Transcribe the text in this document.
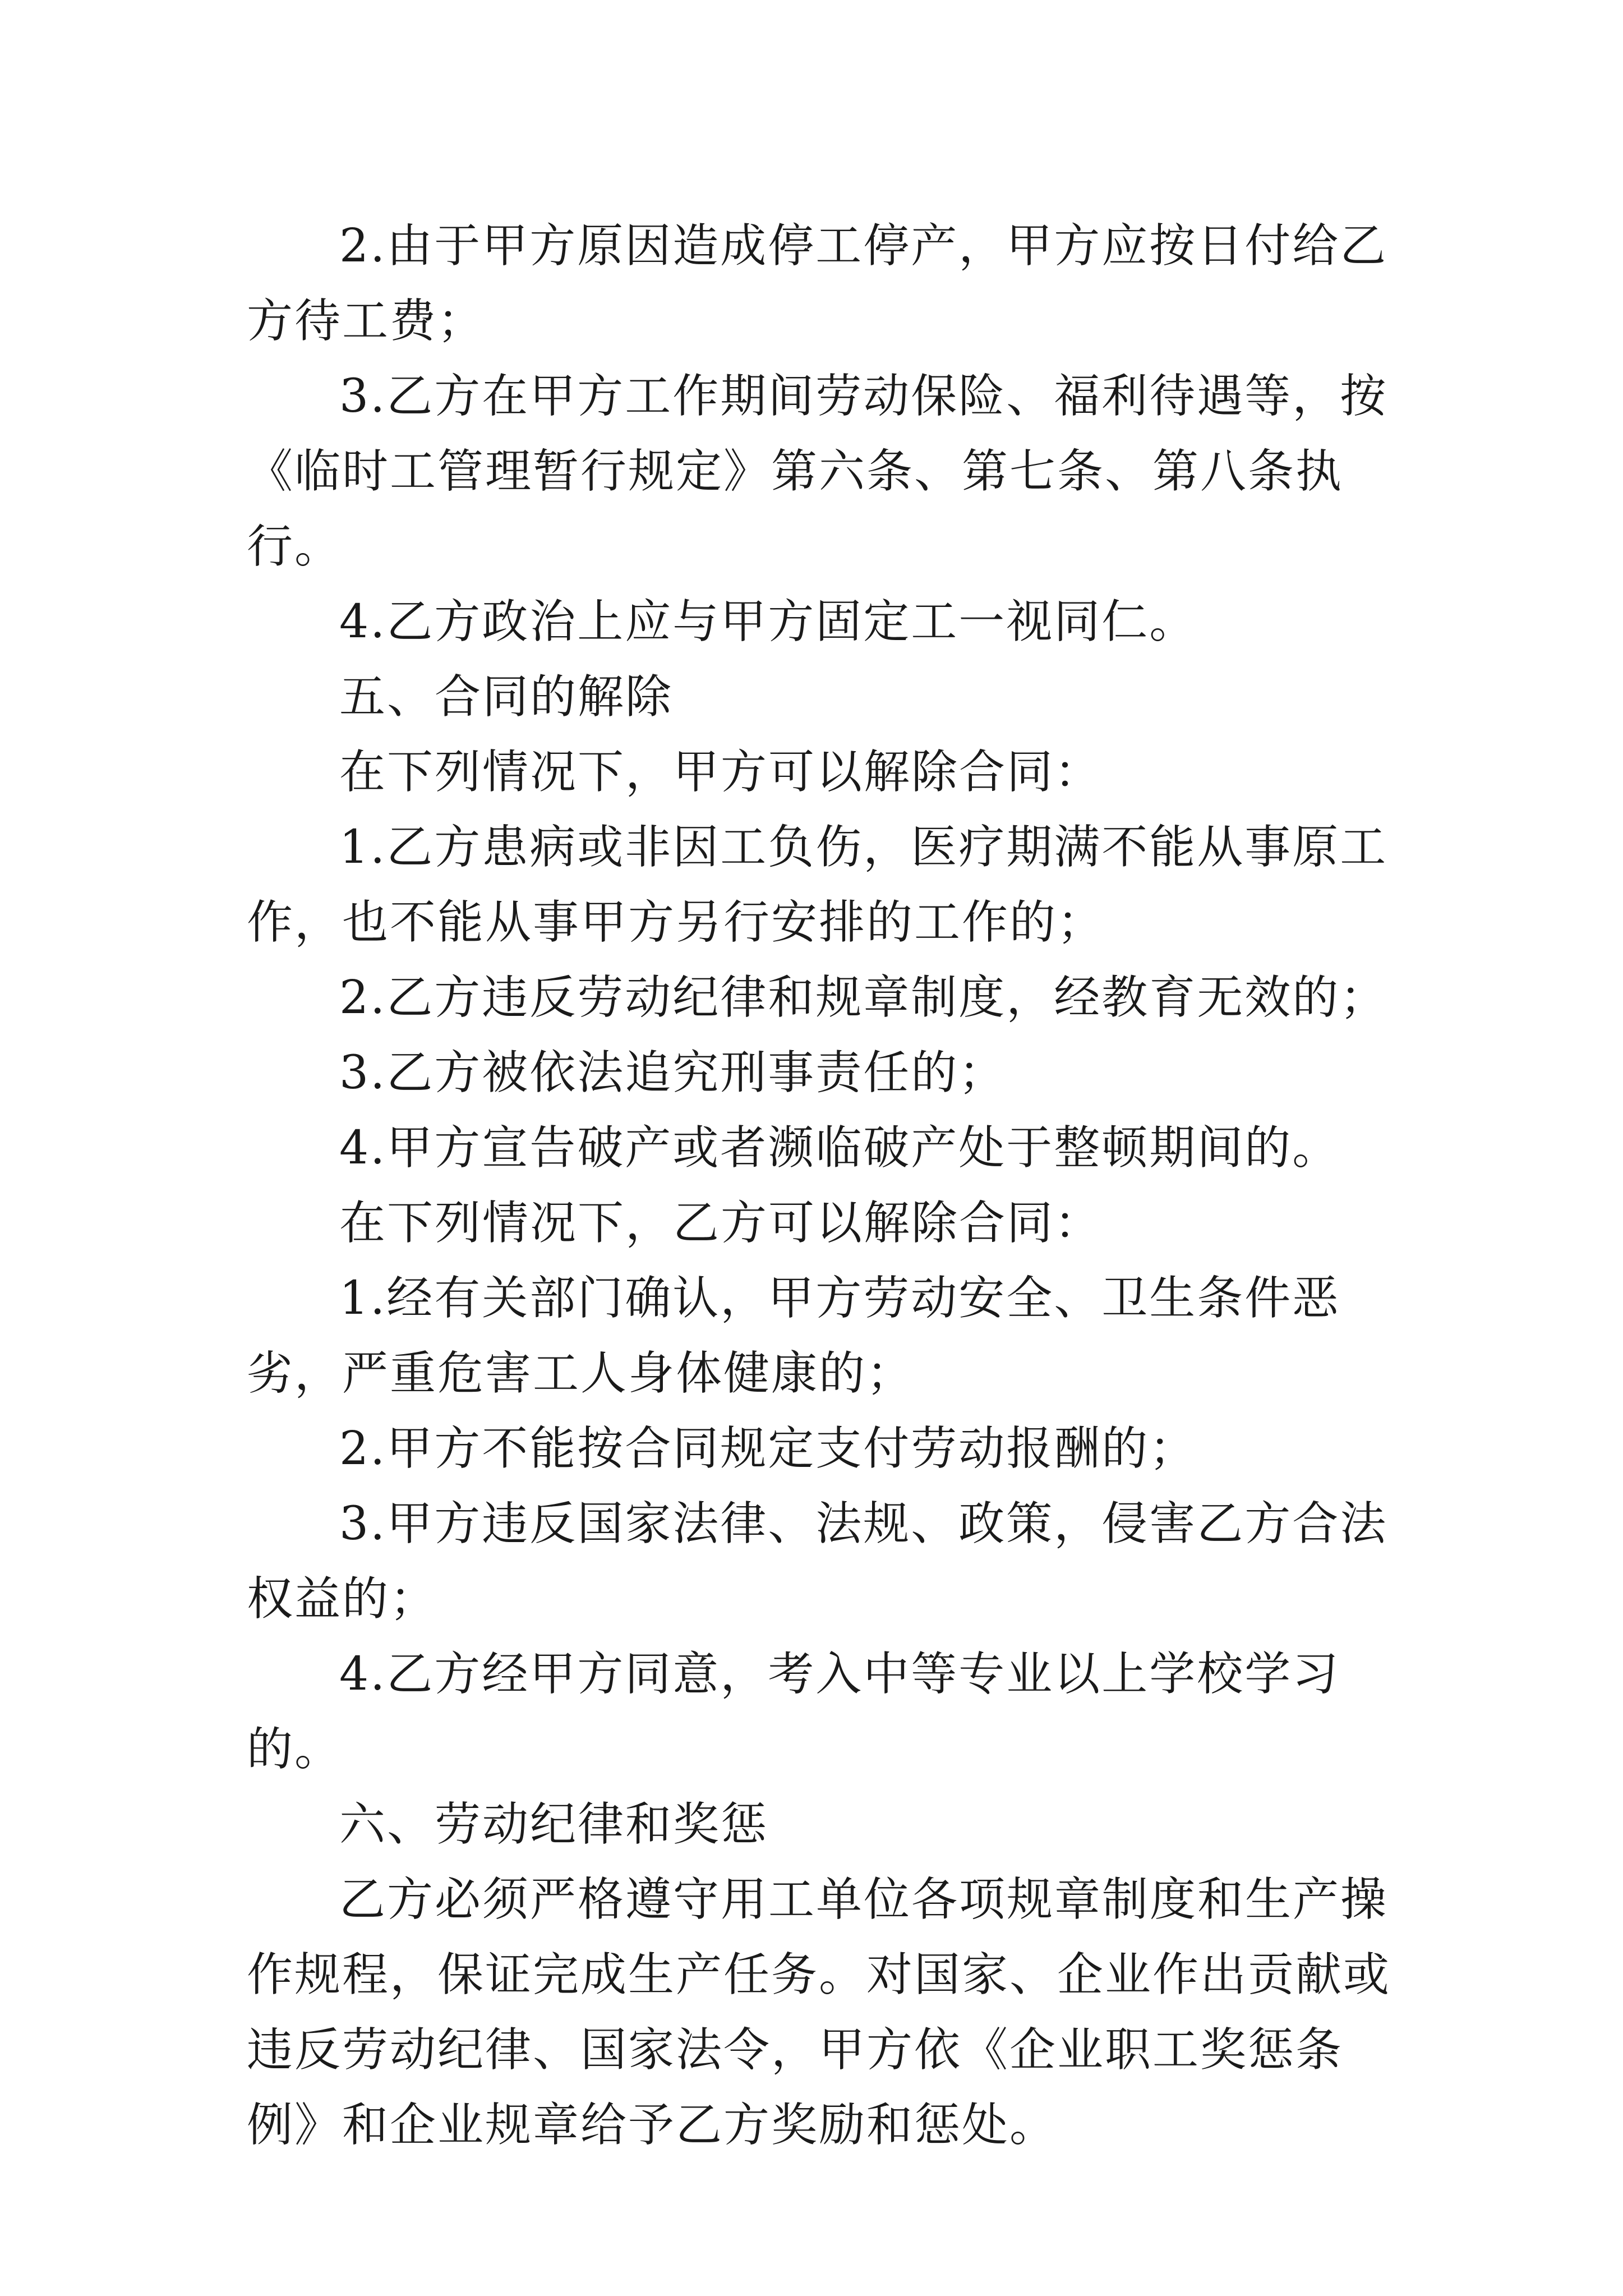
2.由于甲方原因造成停工停产，甲方应按日付给乙方待工费；

3.乙方在甲方工作期间劳动保险、福利待遇等，按《临时工管理暂行规定》第六条、第七条、第八条执行。

4.乙方政治上应与甲方固定工一视同仁。

五、合同的解除

在下列情况下，甲方可以解除合同：

1.乙方患病或非因工负伤，医疗期满不能从事原工作，也不能从事甲方另行安排的工作的；

2.乙方违反劳动纪律和规章制度，经教育无效的；

3.乙方被依法追究刑事责任的；

4.甲方宣告破产或者濒临破产处于整顿期间的。

在下列情况下，乙方可以解除合同：

1.经有关部门确认，甲方劳动安全、卫生条件恶劣，严重危害工人身体健康的；

2.甲方不能按合同规定支付劳动报酬的；

3.甲方违反国家法律、法规、政策，侵害乙方合法权益的；

4.乙方经甲方同意，考入中等专业以上学校学习的。

六、劳动纪律和奖惩

乙方必须严格遵守用工单位各项规章制度和生产操作规程，保证完成生产任务。对国家、企业作出贡献或违反劳动纪律、国家法令，甲方依《企业职工奖惩条例》和企业规章给予乙方奖励和惩处。
